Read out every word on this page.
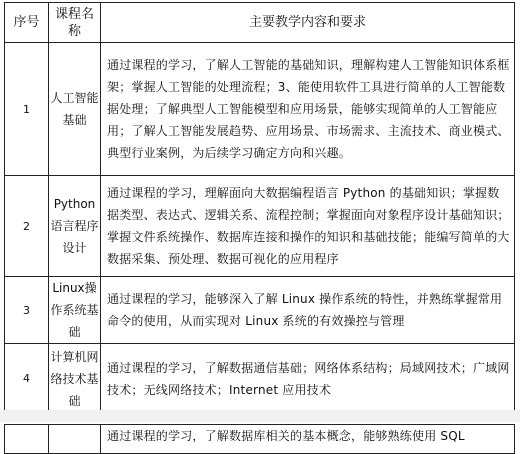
序号	课程名称	主要教学内容和要求
1	人工智能基础	通过课程的学习，了解人工智能的基础知识，理解构建人工智能知识体系框架；掌握人工智能的处理流程；3、能使用软件工具进行简单的人工智能数据处理；了解典型人工智能模型和应用场景，能够实现简单的人工智能应用；了解人工智能发展趋势、应用场景、市场需求、主流技术、商业模式、典型行业案例，为后续学习确定方向和兴趣。
2	Python语言程序设计	通过课程的学习，理解面向大数据编程语言 Python 的基础知识；掌握数据类型、表达式、逻辑关系、流程控制；掌握面向对象程序设计基础知识；掌握文件系统操作、数据库连接和操作的知识和基础技能；能编写简单的大数据采集、预处理、数据可视化的应用程序
3	Linux操作系统基础	通过课程的学习，能够深入了解 Linux 操作系统的特性，并熟练掌握常用命令的使用，从而实现对 Linux 系统的有效操控与管理
4	计算机网络技术基础	通过课程的学习，了解数据通信基础；网络体系结构；局域网技术；广域网技术；无线网络技术；Internet 应用技术
		通过课程的学习，了解数据库相关的基本概念，能够熟练使用 SQL
